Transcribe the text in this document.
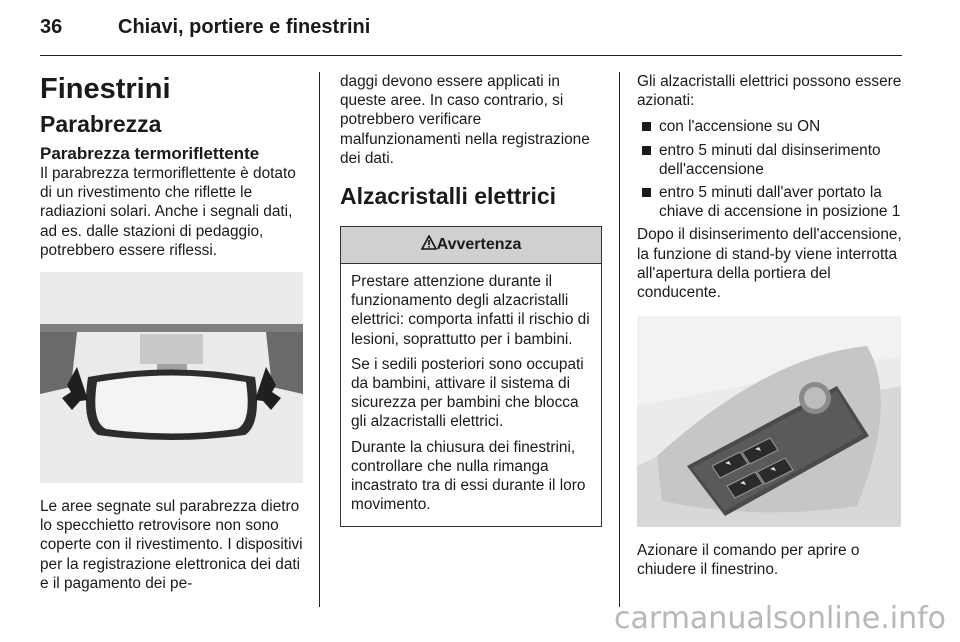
36	Chiavi, portiere e finestrini
Finestrini
Parabrezza
Parabrezza termoriflettente

Il parabrezza termoriflettente è dotato di un rivestimento che riflette le radiazioni solari. Anche i segnali dati, ad es. dalle stazioni di pedaggio, potrebbero essere riflessi.

Le aree segnate sul parabrezza dietro lo specchietto retrovisore non sono coperte con il rivestimento. I dispositivi per la registrazione elettronica dei dati e il pagamento dei pe-

daggi devono essere applicati in queste aree. In caso contrario, si potrebbero verificare malfunzionamenti nella registrazione dei dati.

Alzacristalli elettrici
Avvertenza

Prestare attenzione durante il funzionamento degli alzacristalli elettrici: comporta infatti il rischio di lesioni, soprattutto per i bambini.

Se i sedili posteriori sono occupati da bambini, attivare il sistema di sicurezza per bambini che blocca gli alzacristalli elettrici.

Durante la chiusura dei finestrini, controllare che nulla rimanga incastrato tra di essi durante il loro movimento.

Gli alzacristalli elettrici possono essere azionati:

con l'accensione su ON
entro 5 minuti dal disinserimento dell'accensione
entro 5 minuti dall'aver portato la chiave di accensione in posizione 1

Dopo il disinserimento dell'accensione, la funzione di stand-by viene interrotta all'apertura della portiera del conducente.

Azionare il comando per aprire o chiudere il finestrino.

carmanualsonline.info
